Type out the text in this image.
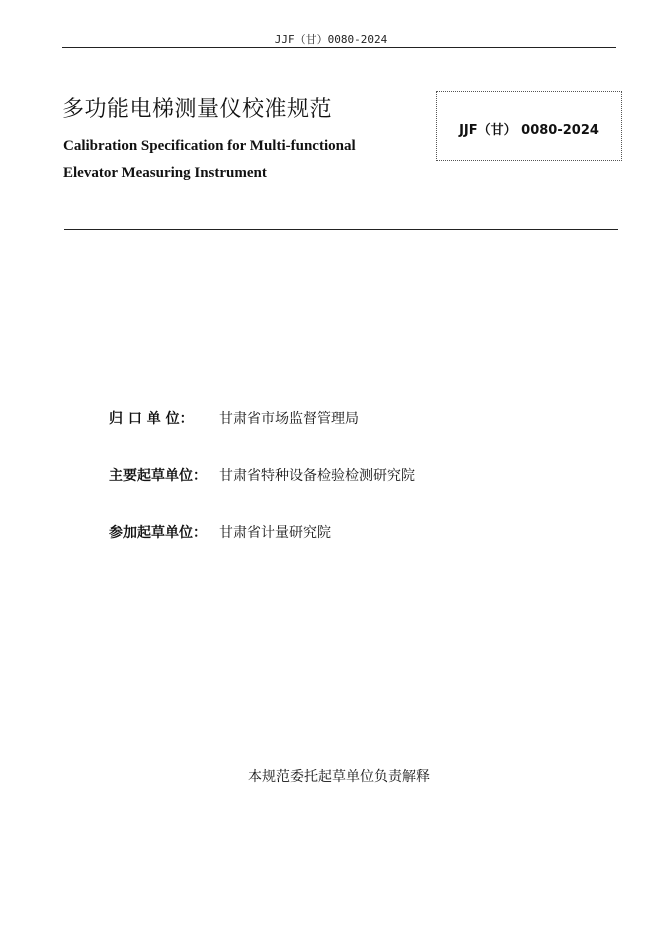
JJF（甘）0080-2024
多功能电梯测量仪校准规范
Calibration Specification for Multi-functional
Elevator Measuring Instrument
JJF（甘） 0080-2024
归 口 单 位： 甘肃省市场监督管理局
主要起草单位： 甘肃省特种设备检验检测研究院
参加起草单位： 甘肃省计量研究院
本规范委托起草单位负责解释
